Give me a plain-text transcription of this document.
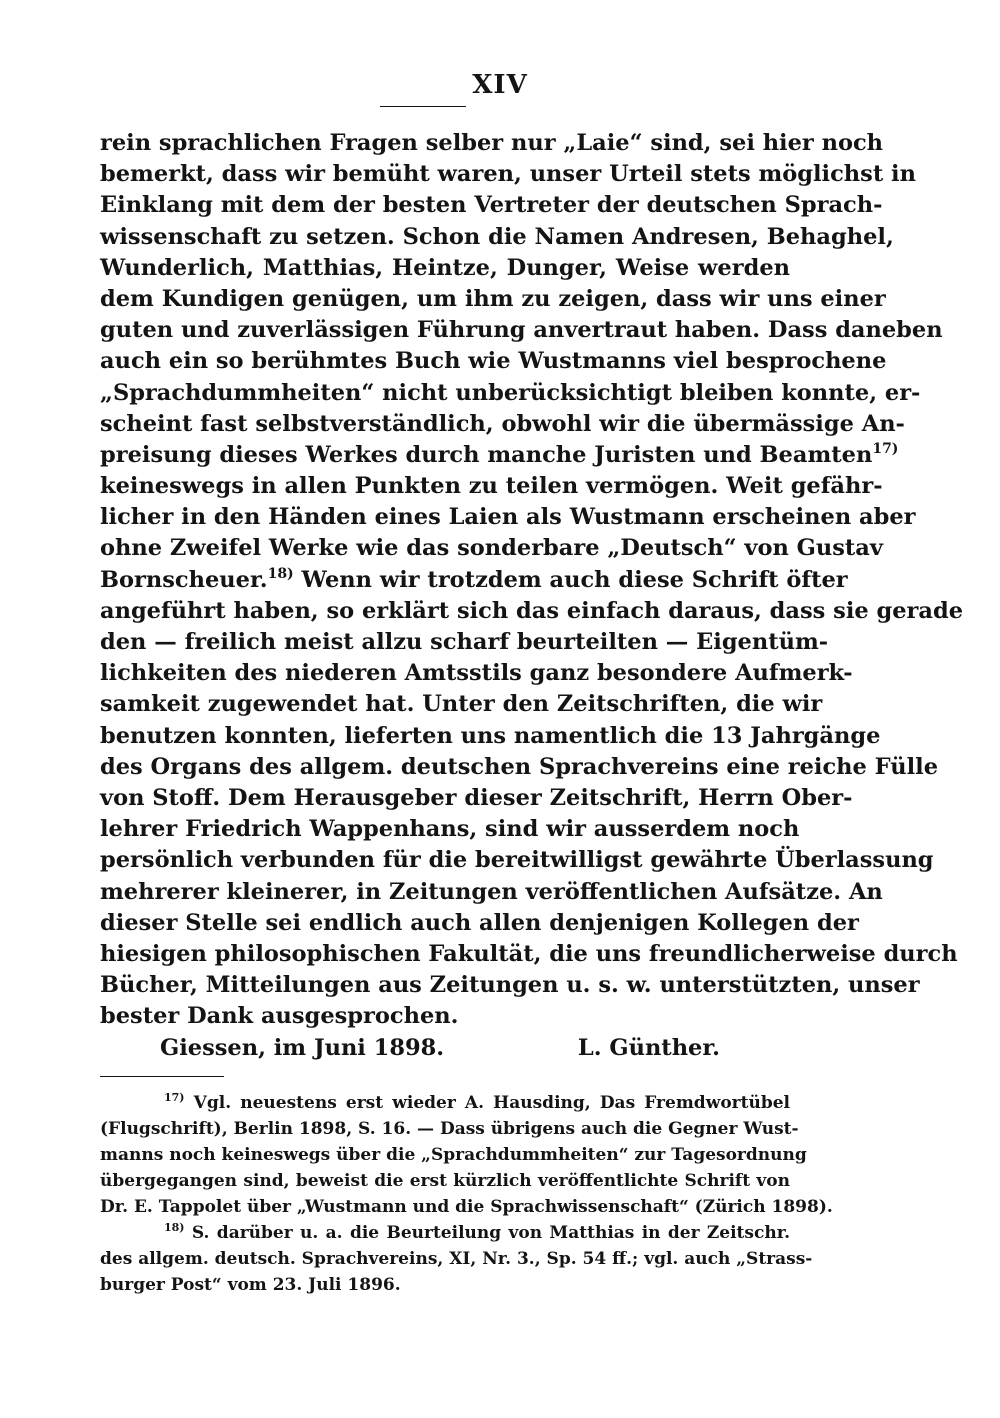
XIV
rein sprachlichen Fragen selber nur „Laie“ sind, sei hier noch
bemerkt, dass wir bemüht waren, unser Urteil stets möglichst in
Einklang mit dem der besten Vertreter der deutschen Sprach-
wissenschaft zu setzen. Schon die Namen Andresen, Behaghel,
Wunderlich, Matthias, Heintze, Dunger, Weise werden
dem Kundigen genügen, um ihm zu zeigen, dass wir uns einer
guten und zuverlässigen Führung anvertraut haben. Dass daneben
auch ein so berühmtes Buch wie Wustmanns viel besprochene
„Sprachdummheiten“ nicht unberücksichtigt bleiben konnte, er-
scheint fast selbstverständlich, obwohl wir die übermässige An-
preisung dieses Werkes durch manche Juristen und Beamten$^{17)}$
keineswegs in allen Punkten zu teilen vermögen. Weit gefähr-
licher in den Händen eines Laien als Wustmann erscheinen aber
ohne Zweifel Werke wie das sonderbare „Deutsch“ von Gustav
Bornscheuer.$^{18)}$ Wenn wir trotzdem auch diese Schrift öfter
angeführt haben, so erklärt sich das einfach daraus, dass sie gerade
den — freilich meist allzu scharf beurteilten — Eigentüm-
lichkeiten des niederen Amtsstils ganz besondere Aufmerk-
samkeit zugewendet hat. Unter den Zeitschriften, die wir
benutzen konnten, lieferten uns namentlich die 13 Jahrgänge
des Organs des allgem. deutschen Sprachvereins eine reiche Fülle
von Stoff. Dem Herausgeber dieser Zeitschrift, Herrn Ober-
lehrer Friedrich Wappenhans, sind wir ausserdem noch
persönlich verbunden für die bereitwilligst gewährte Überlassung
mehrerer kleinerer, in Zeitungen veröffentlichen Aufsätze. An
dieser Stelle sei endlich auch allen denjenigen Kollegen der
hiesigen philosophischen Fakultät, die uns freundlicherweise durch
Bücher, Mitteilungen aus Zeitungen u. s. w. unterstützten, unser
bester Dank ausgesprochen.
Giessen, im Juni 1898.	L. Günther.
$^{17)}$ Vgl. neuestens erst wieder A. Hausding, Das Fremdwortübel
(Flugschrift), Berlin 1898, S. 16. — Dass übrigens auch die Gegner Wust-
manns noch keineswegs über die „Sprachdummheiten“ zur Tagesordnung
übergegangen sind, beweist die erst kürzlich veröffentlichte Schrift von
Dr. E. Tappolet über „Wustmann und die Sprachwissenschaft“ (Zürich 1898).
$^{18)}$ S. darüber u. a. die Beurteilung von Matthias in der Zeitschr.
des allgem. deutsch. Sprachvereins, XI, Nr. 3., Sp. 54 ff.; vgl. auch „Strass-
burger Post“ vom 23. Juli 1896.
